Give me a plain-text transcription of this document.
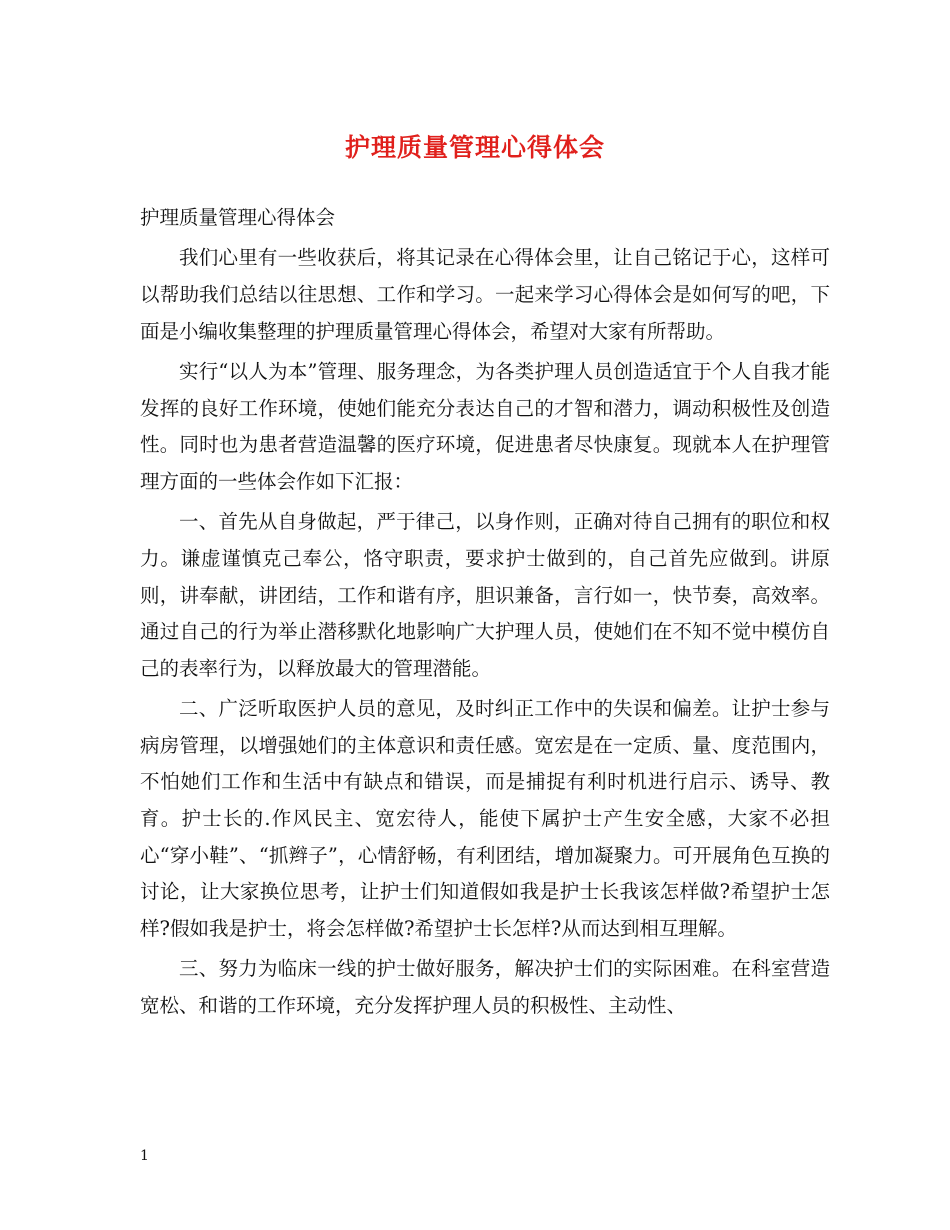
护理质量管理心得体会

护理质量管理心得体会

我们心里有一些收获后，将其记录在心得体会里，让自己铭记于心，这样可以帮助我们总结以往思想、工作和学习。一起来学习心得体会是如何写的吧，下面是小编收集整理的护理质量管理心得体会，希望对大家有所帮助。

实行“以人为本”管理、服务理念，为各类护理人员创造适宜于个人自我才能发挥的良好工作环境，使她们能充分表达自己的才智和潜力，调动积极性及创造性。同时也为患者营造温馨的医疗环境，促进患者尽快康复。现就本人在护理管理方面的一些体会作如下汇报：

一、首先从自身做起，严于律己，以身作则，正确对待自己拥有的职位和权力。谦虚谨慎克己奉公，恪守职责，要求护士做到的，自己首先应做到。讲原则，讲奉献，讲团结，工作和谐有序，胆识兼备，言行如一，快节奏，高效率。通过自己的行为举止潜移默化地影响广大护理人员，使她们在不知不觉中模仿自己的表率行为，以释放最大的管理潜能。

二、广泛听取医护人员的意见，及时纠正工作中的失误和偏差。让护士参与病房管理，以增强她们的主体意识和责任感。宽宏是在一定质、量、度范围内，不怕她们工作和生活中有缺点和错误，而是捕捉有利时机进行启示、诱导、教育。护士长的.作风民主、宽宏待人，能使下属护士产生安全感，大家不必担心“穿小鞋”、“抓辫子”，心情舒畅，有利团结，增加凝聚力。可开展角色互换的讨论，让大家换位思考，让护士们知道假如我是护士长我该怎样做?希望护士怎样?假如我是护士，将会怎样做?希望护士长怎样?从而达到相互理解。

三、努力为临床一线的护士做好服务，解决护士们的实际困难。在科室营造宽松、和谐的工作环境，充分发挥护理人员的积极性、主动性、

1
